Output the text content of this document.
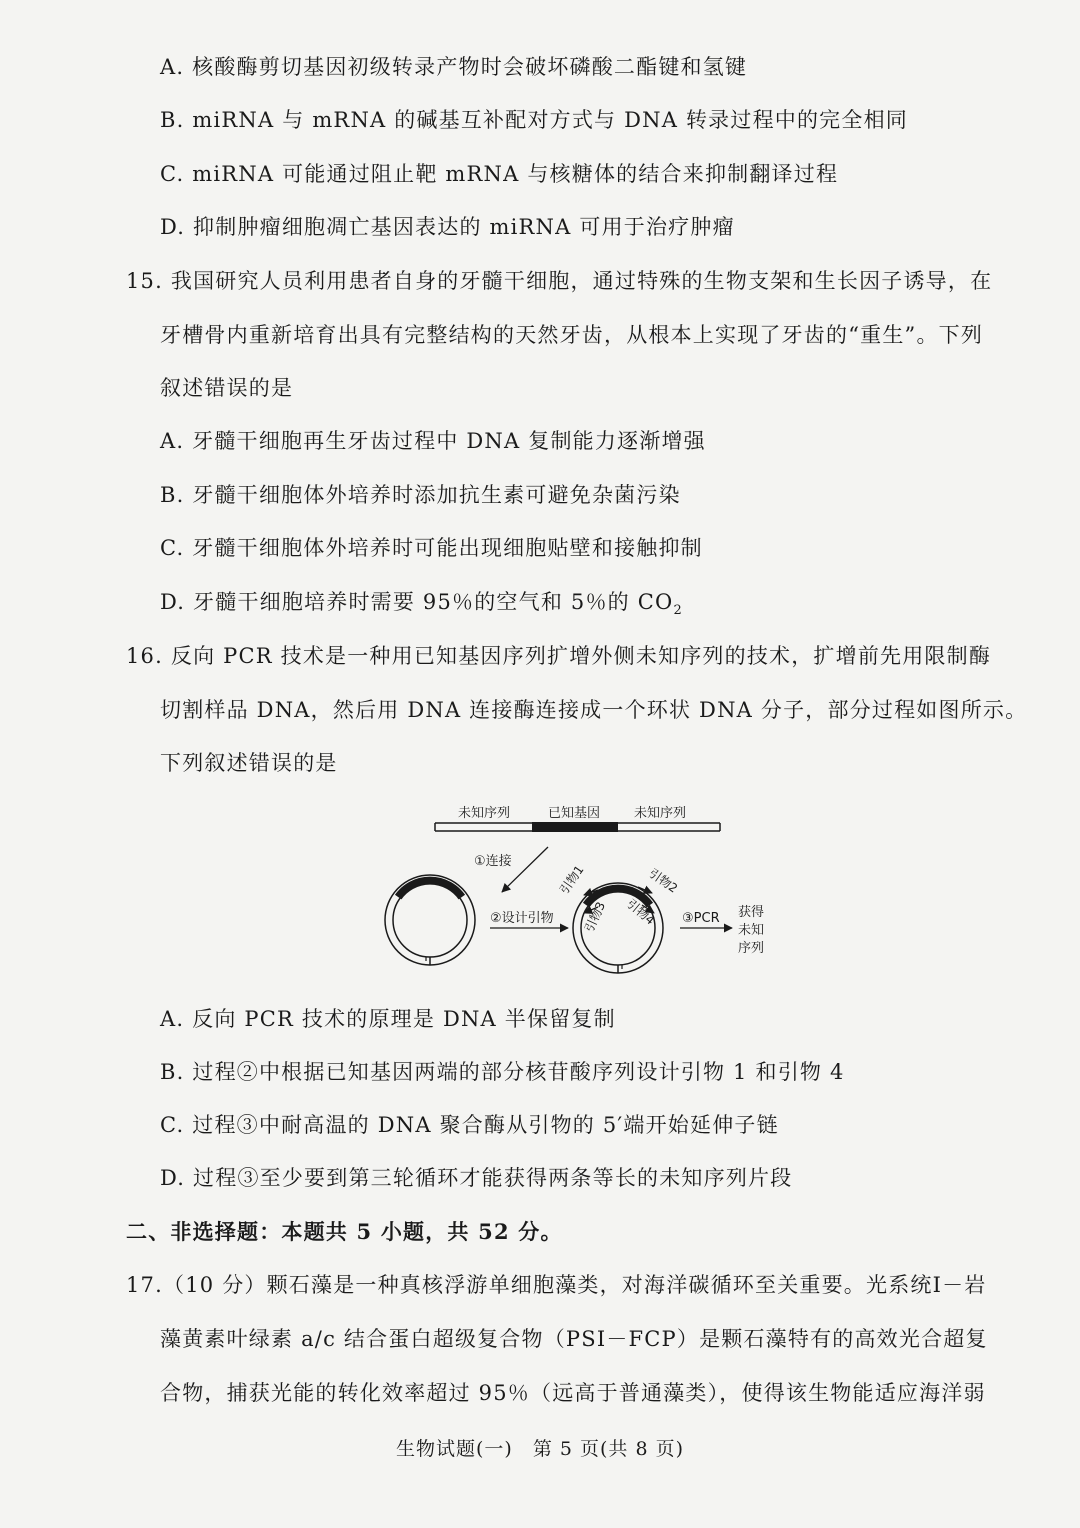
A. 核酸酶剪切基因初级转录产物时会破坏磷酸二酯键和氢键
B. miRNA 与 mRNA 的碱基互补配对方式与 DNA 转录过程中的完全相同
C. miRNA 可能通过阻止靶 mRNA 与核糖体的结合来抑制翻译过程
D. 抑制肿瘤细胞凋亡基因表达的 miRNA 可用于治疗肿瘤
15. 我国研究人员利用患者自身的牙髓干细胞，通过特殊的生物支架和生长因子诱导，在
牙槽骨内重新培育出具有完整结构的天然牙齿，从根本上实现了牙齿的“重生”。下列
叙述错误的是
A. 牙髓干细胞再生牙齿过程中 DNA 复制能力逐渐增强
B. 牙髓干细胞体外培养时添加抗生素可避免杂菌污染
C. 牙髓干细胞体外培养时可能出现细胞贴壁和接触抑制
D. 牙髓干细胞培养时需要 95％的空气和 5％的 $CO_2$
16. 反向 PCR 技术是一种用已知基因序列扩增外侧未知序列的技术，扩增前先用限制酶
切割样品 DNA，然后用 DNA 连接酶连接成一个环状 DNA 分子，部分过程如图所示。
下列叙述错误的是
未知序列	已知基因	未知序列
①连接
②设计引物
引物1	引物2
引物3 引物4 ③PCR 获得
未知
序列
A. 反向 PCR 技术的原理是 DNA 半保留复制
B. 过程②中根据已知基因两端的部分核苷酸序列设计引物 1 和引物 4
C. 过程③中耐高温的 DNA 聚合酶从引物的 5′端开始延伸子链
D. 过程③至少要到第三轮循环才能获得两条等长的未知序列片段
二、非选择题：本题共 5 小题，共 52 分。
17.（10 分）颗石藻是一种真核浮游单细胞藻类，对海洋碳循环至关重要。光系统Ⅰ－岩
藻黄素叶绿素 a/c 结合蛋白超级复合物（PSⅠ－FCP）是颗石藻特有的高效光合超复
合物，捕获光能的转化效率超过 95％（远高于普通藻类），使得该生物能适应海洋弱
生物试题(一)　第 5 页(共 8 页)
